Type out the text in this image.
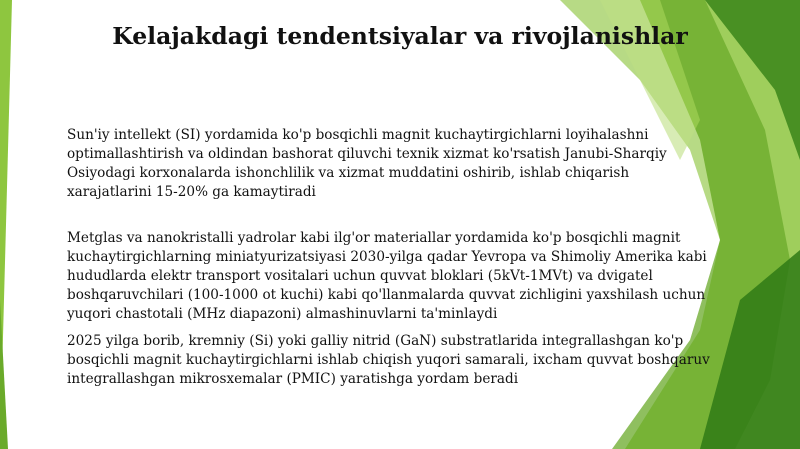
Kelajakdagi tendentsiyalar va rivojlanishlar
Sun'iy intellekt (SI) yordamida ko'p bosqichli magnit kuchaytirgichlarni loyihalashni
optimallashtirish va oldindan bashorat qiluvchi texnik xizmat ko'rsatish Janubi-Sharqiy
Osiyodagi korxonalarda ishonchlilik va xizmat muddatini oshirib, ishlab chiqarish
xarajatlarini 15-20% ga kamaytiradi
Metglas va nanokristalli yadrolar kabi ilg'or materiallar yordamida ko'p bosqichli magnit
kuchaytirgichlarning miniatyurizatsiyasi 2030-yilga qadar Yevropa va Shimoliy Amerika kabi
hududlarda elektr transport vositalari uchun quvvat bloklari (5kVt-1MVt) va dvigatel
boshqaruvchilari (100-1000 ot kuchi) kabi qo'llanmalarda quvvat zichligini yaxshilash uchun
yuqori chastotali (MHz diapazoni) almashinuvlarni ta'minlaydi
2025 yilga borib, kremniy (Si) yoki galliy nitrid (GaN) substratlarida integrallashgan ko'p
bosqichli magnit kuchaytirgichlarni ishlab chiqish yuqori samarali, ixcham quvvat boshqaruv
integrallashgan mikrosxemalar (PMIC) yaratishga yordam beradi
